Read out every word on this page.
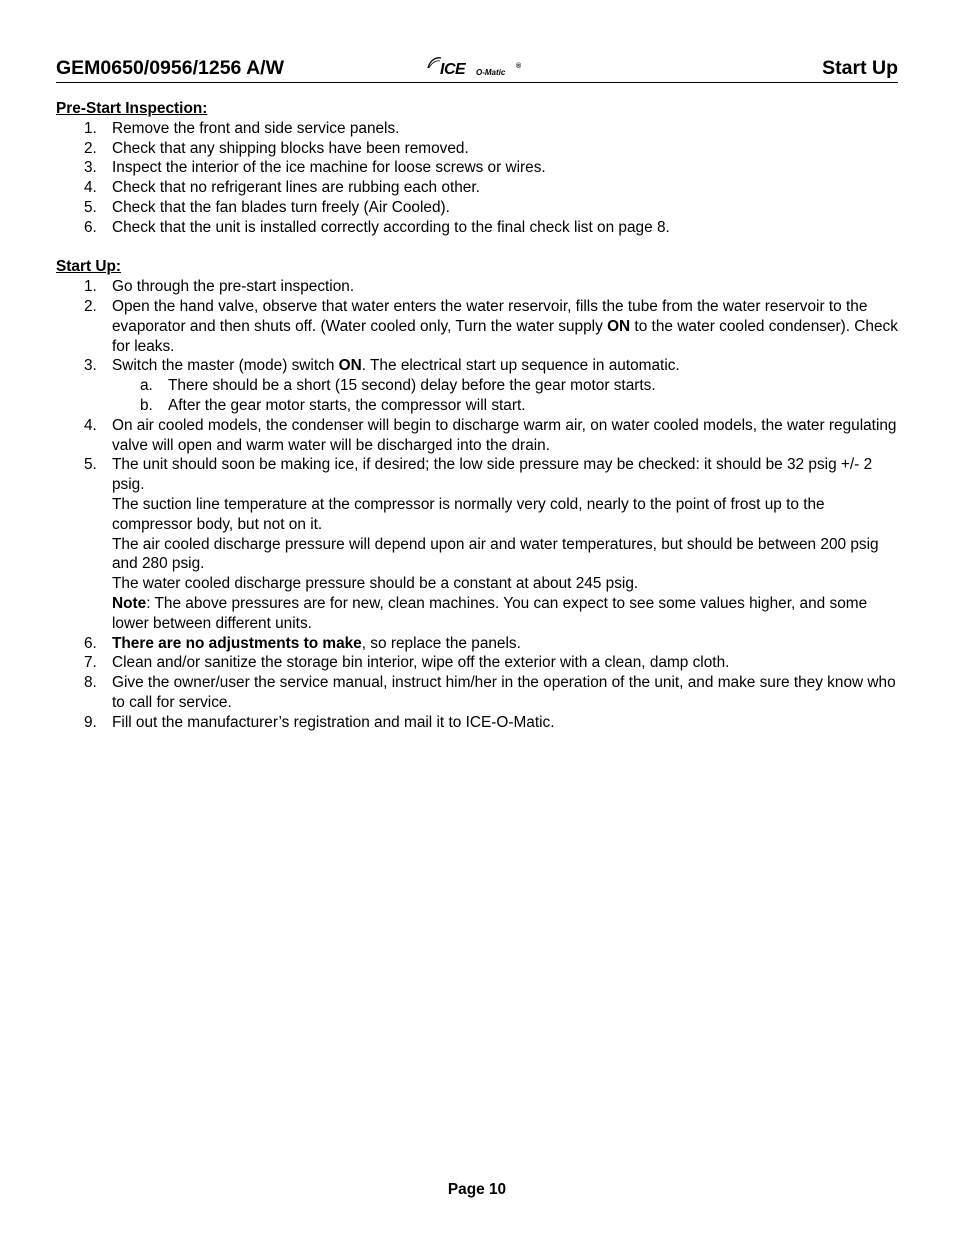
GEM0650/0956/1256 A/W	ICE O-Matic
®	Start Up

Pre-Start Inspection:

1. Remove the front and side service panels.
2. Check that any shipping blocks have been removed.
3. Inspect the interior of the ice machine for loose screws or wires.
4. Check that no refrigerant lines are rubbing each other.
5. Check that the fan blades turn freely (Air Cooled).
6. Check that the unit is installed correctly according to the final check list on page 8.

Start Up:

1. Go through the pre-start inspection.
2. Open the hand valve, observe that water enters the water reservoir, fills the tube from the water reservoir to the evaporator and then shuts off. (Water cooled only, Turn the water supply ON to the water cooled condenser). Check for leaks.
3. Switch the master (mode) switch ON. The electrical start up sequence in automatic.
a. There should be a short (15 second) delay before the gear motor starts.
b. After the gear motor starts, the compressor will start.
4. On air cooled models, the condenser will begin to discharge warm air, on water cooled models, the water regulating valve will open and warm water will be discharged into the drain.
5. The unit should soon be making ice, if desired; the low side pressure may be checked: it should be 32 psig +/- 2 psig.
The suction line temperature at the compressor is normally very cold, nearly to the point of frost up to the compressor body, but not on it.
The air cooled discharge pressure will depend upon air and water temperatures, but should be between 200 psig and 280 psig.
The water cooled discharge pressure should be a constant at about 245 psig.
Note: The above pressures are for new, clean machines. You can expect to see some values higher, and some lower between different units.
6. There are no adjustments to make, so replace the panels.
7. Clean and/or sanitize the storage bin interior, wipe off the exterior with a clean, damp cloth.
8. Give the owner/user the service manual, instruct him/her in the operation of the unit, and make sure they know who to call for service.
9. Fill out the manufacturer’s registration and mail it to ICE-O-Matic.
Page 10
